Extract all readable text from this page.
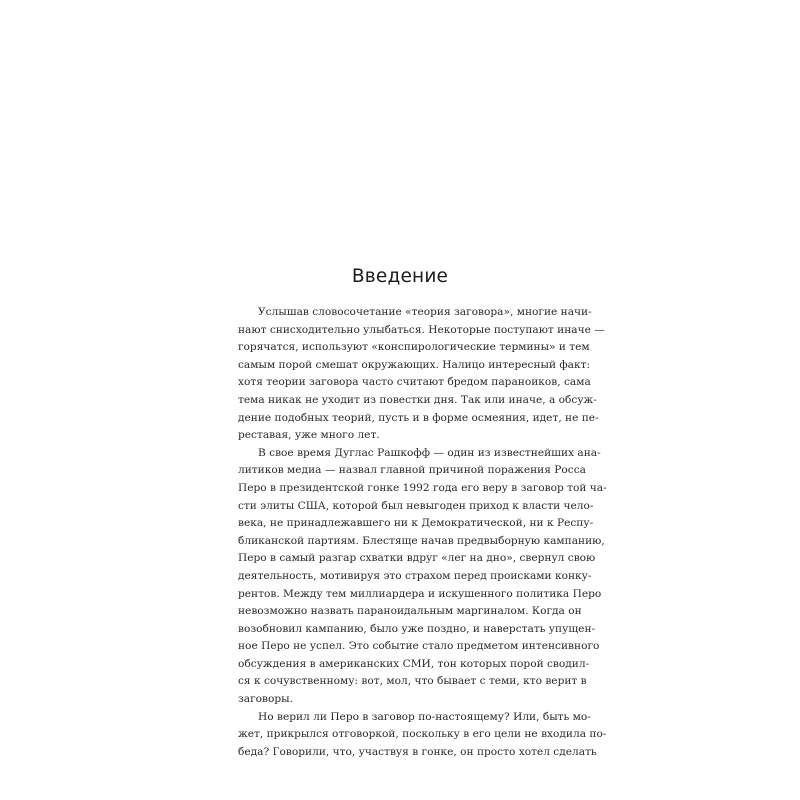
Введение
Услышав словосочетание «теория заговора», многие начи-
нают снисходительно улыбаться. Некоторые поступают иначе —
горячатся, используют «конспирологические термины» и тем
самым порой смешат окружающих. Налицо интересный факт:
хотя теории заговора часто считают бредом параноиков, сама
тема никак не уходит из повестки дня. Так или иначе, а обсуж-
дение подобных теорий, пусть и в форме осмеяния, идет, не пе-
реставая, уже много лет.
В свое время Дуглас Рашкофф — один из известнейших ана-
литиков медиа — назвал главной причиной поражения Росса
Перо в президентской гонке 1992 года его веру в заговор той ча-
сти элиты США, которой был невыгоден приход к власти чело-
века, не принадлежавшего ни к Демократической, ни к Респу-
бликанской партиям. Блестяще начав предвыборную кампанию,
Перо в самый разгар схватки вдруг «лег на дно», свернул свою
деятельность, мотивируя это страхом перед происками конку-
рентов. Между тем миллиардера и искушенного политика Перо
невозможно назвать параноидальным маргиналом. Когда он
возобновил кампанию, было уже поздно, и наверстать упущен-
ное Перо не успел. Это событие стало предметом интенсивного
обсуждения в американских СМИ, тон которых порой сводил-
ся к сочувственному: вот, мол, что бывает с теми, кто верит в
заговоры.
Но верил ли Перо в заговор по-настоящему? Или, быть мо-
жет, прикрылся отговоркой, поскольку в его цели не входила по-
беда? Говорили, что, участвуя в гонке, он просто хотел сделать
